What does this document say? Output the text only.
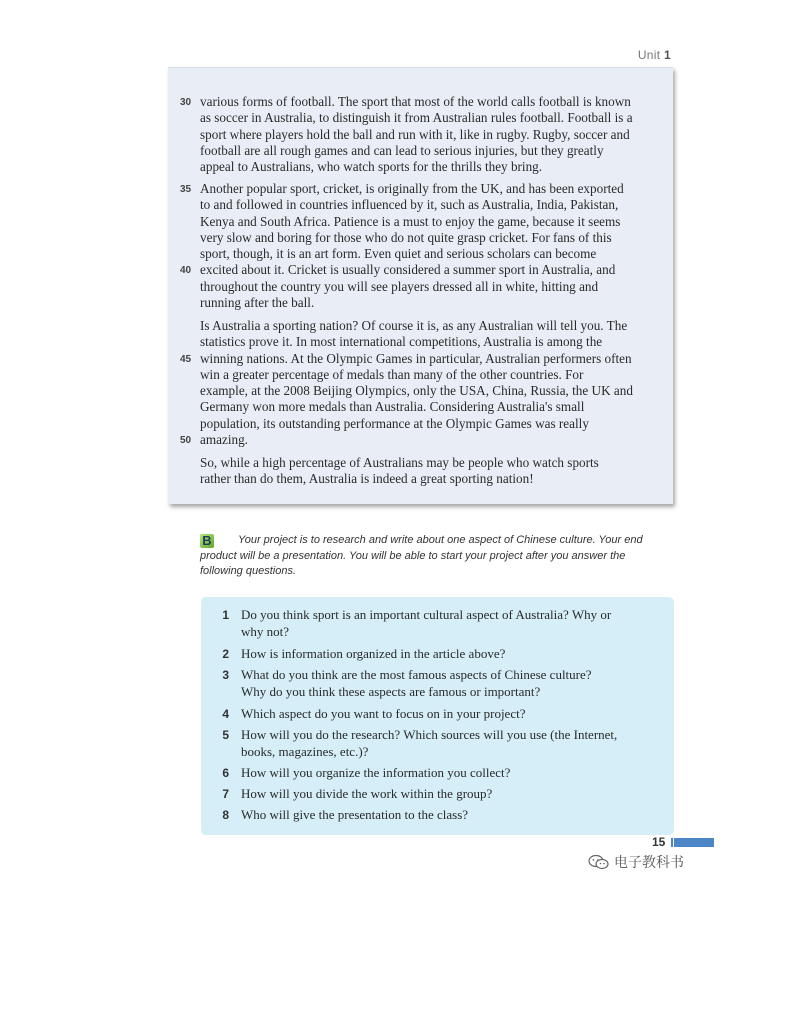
Unit 1

30 various forms of football. The sport that most of the world calls football is known
as soccer in Australia, to distinguish it from Australian rules football. Football is a
sport where players hold the ball and run with it, like in rugby. Rugby, soccer and
football are all rough games and can lead to serious injuries, but they greatly
appeal to Australians, who watch sports for the thrills they bring.

35 Another popular sport, cricket, is originally from the UK, and has been exported
to and followed in countries influenced by it, such as Australia, India, Pakistan,
Kenya and South Africa. Patience is a must to enjoy the game, because it seems
very slow and boring for those who do not quite grasp cricket. For fans of this
sport, though, it is an art form. Even quiet and serious scholars can become
40 excited about it. Cricket is usually considered a summer sport in Australia, and
throughout the country you will see players dressed all in white, hitting and
running after the ball.

Is Australia a sporting nation? Of course it is, as any Australian will tell you. The
statistics prove it. In most international competitions, Australia is among the
45 winning nations. At the Olympic Games in particular, Australian performers often
win a greater percentage of medals than many of the other countries. For
example, at the 2008 Beijing Olympics, only the USA, China, Russia, the UK and
Germany won more medals than Australia. Considering Australia's small
population, its outstanding performance at the Olympic Games was really
50 amazing.

So, while a high percentage of Australians may be people who watch sports
rather than do them, Australia is indeed a great sporting nation!

B Your project is to research and write about one aspect of Chinese culture. Your end
product will be a presentation. You will be able to start your project after you answer the
following questions.
1 Do you think sport is an important cultural aspect of Australia? Why or
why not?
2 How is information organized in the article above?
3 What do you think are the most famous aspects of Chinese culture?
Why do you think these aspects are famous or important?
4 Which aspect do you want to focus on in your project?
5 How will you do the research? Which sources will you use (the Internet,
books, magazines, etc.)?
6 How will you organize the information you collect?
7 How will you divide the work within the group?
8 Who will give the presentation to the class?
15
电子教科书
